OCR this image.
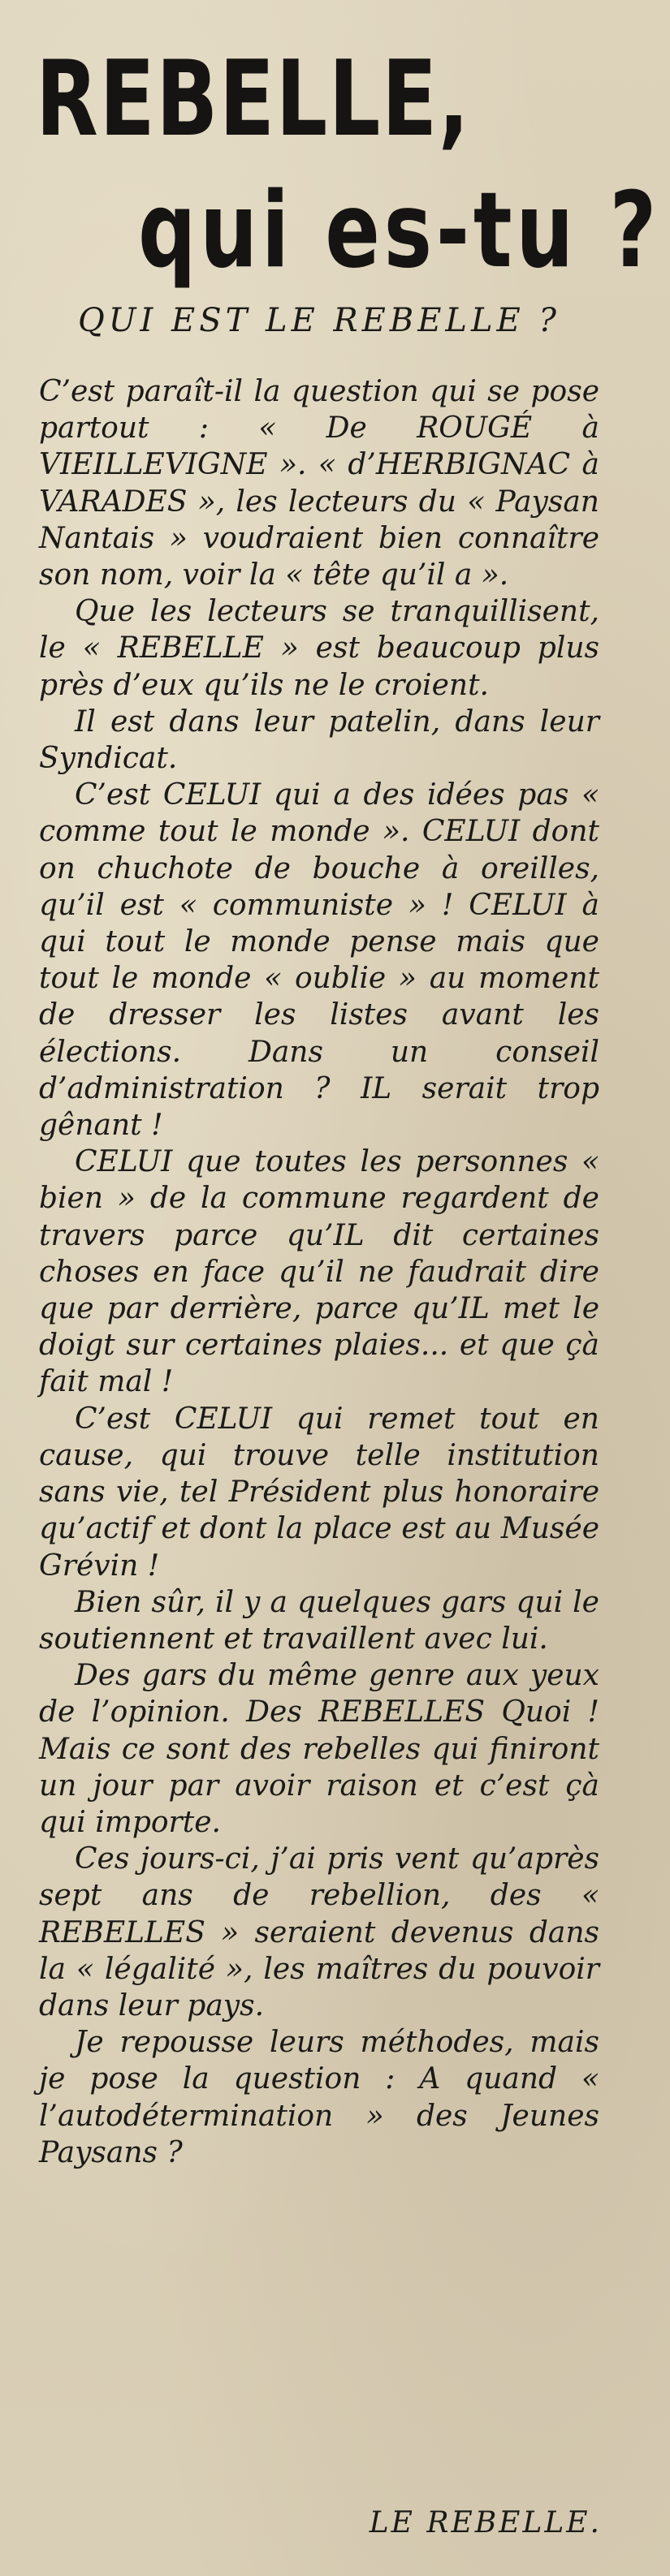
REBELLE,
qui es-tu ?
QUI EST LE REBELLE ?

C’est paraît-il la question qui se pose partout : « De ROUGÉ à VIEILLEVIGNE ». « d’HERBIGNAC à VARADES », les lecteurs du « Paysan Nantais » voudraient bien connaître son nom, voir la « tête qu’il a ».

Que les lecteurs se tranquillisent, le « REBELLE » est beaucoup plus près d’eux qu’ils ne le croient.

Il est dans leur patelin, dans leur Syndicat.

C’est CELUI qui a des idées pas « comme tout le monde ». CELUI dont on chuchote de bouche à oreilles, qu’il est « communiste » ! CELUI à qui tout le monde pense mais que tout le monde « oublie » au moment de dresser les listes avant les élections. Dans un conseil d’administration ? IL serait trop gênant !

CELUI que toutes les personnes « bien » de la commune regardent de travers parce qu’IL dit certaines choses en face qu’il ne faudrait dire que par derrière, parce qu’IL met le doigt sur certaines plaies... et que çà fait mal !

C’est CELUI qui remet tout en cause, qui trouve telle institution sans vie, tel Président plus honoraire qu’actif et dont la place est au Musée Grévin !

Bien sûr, il y a quelques gars qui le soutiennent et travaillent avec lui.

Des gars du même genre aux yeux de l’opinion. Des REBELLES Quoi ! Mais ce sont des rebelles qui finiront un jour par avoir raison et c’est çà qui importe.

Ces jours-ci, j’ai pris vent qu’après sept ans de rebellion, des « REBELLES » seraient devenus dans la « légalité », les maîtres du pouvoir dans leur pays.

Je repousse leurs méthodes, mais je pose la question : A quand « l’autodétermination » des Jeunes Paysans ?

LE REBELLE.
